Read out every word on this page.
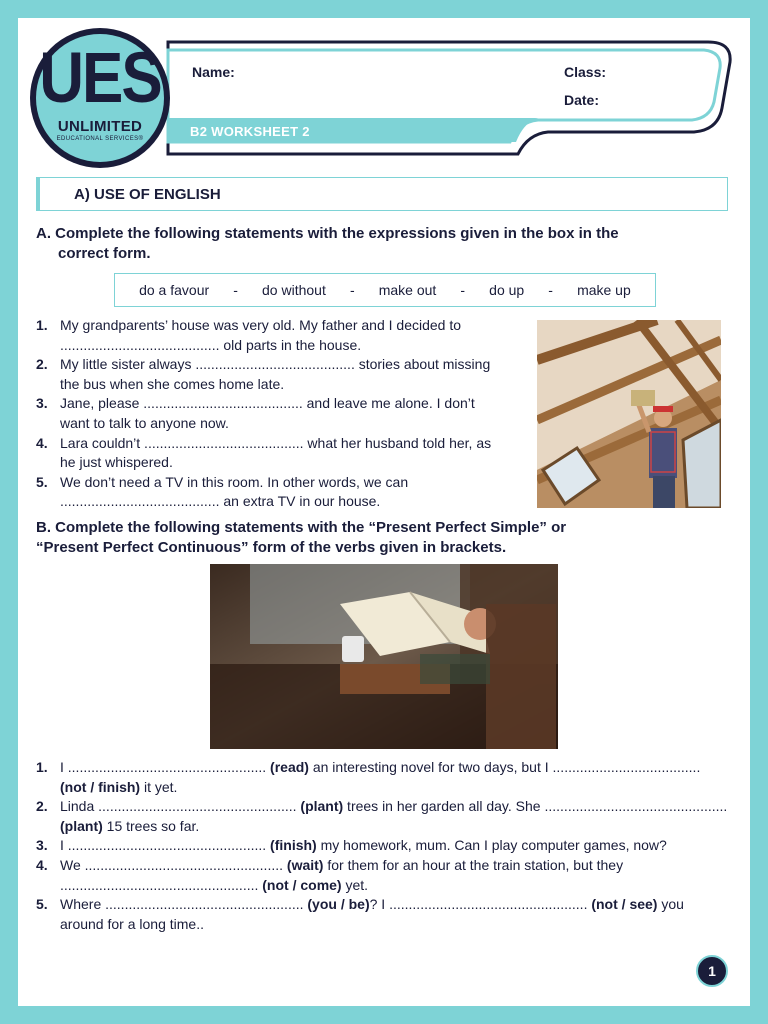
UES
UNLIMITED
EDUCATIONAL SERVICES®
Name:	Class:
Date:
B2 WORKSHEET 2
A) USE OF ENGLISH
A. Complete the following statements with the expressions given in the box in the
correct form.
do a favour - do without - make out - do up - make up
1. My grandparents’ house was very old. My father and I decided to
......................................... old parts in the house.
2. My little sister always ......................................... stories about missing
the bus when she comes home late.
3. Jane, please ......................................... and leave me alone. I don’t
want to talk to anyone now.
4. Lara couldn’t ......................................... what her husband told her, as
he just whispered.
5. We don’t need a TV in this room. In other words, we can
......................................... an extra TV in our house.
B. Complete the following statements with the “Present Perfect Simple” or
“Present Perfect Continuous” form of the verbs given in brackets.
1. I ................................................... (read) an interesting novel for two days, but I ......................................
(not / finish) it yet.
2. Linda ................................................... (plant) trees in her garden all day. She ...............................................
(plant) 15 trees so far.
3. I ................................................... (finish) my homework, mum. Can I play computer games, now?
4. We ................................................... (wait) for them for an hour at the train station, but they
................................................... (not / come) yet.
5. Where ................................................... (you / be)? I ................................................... (not / see) you
around for a long time..
1
